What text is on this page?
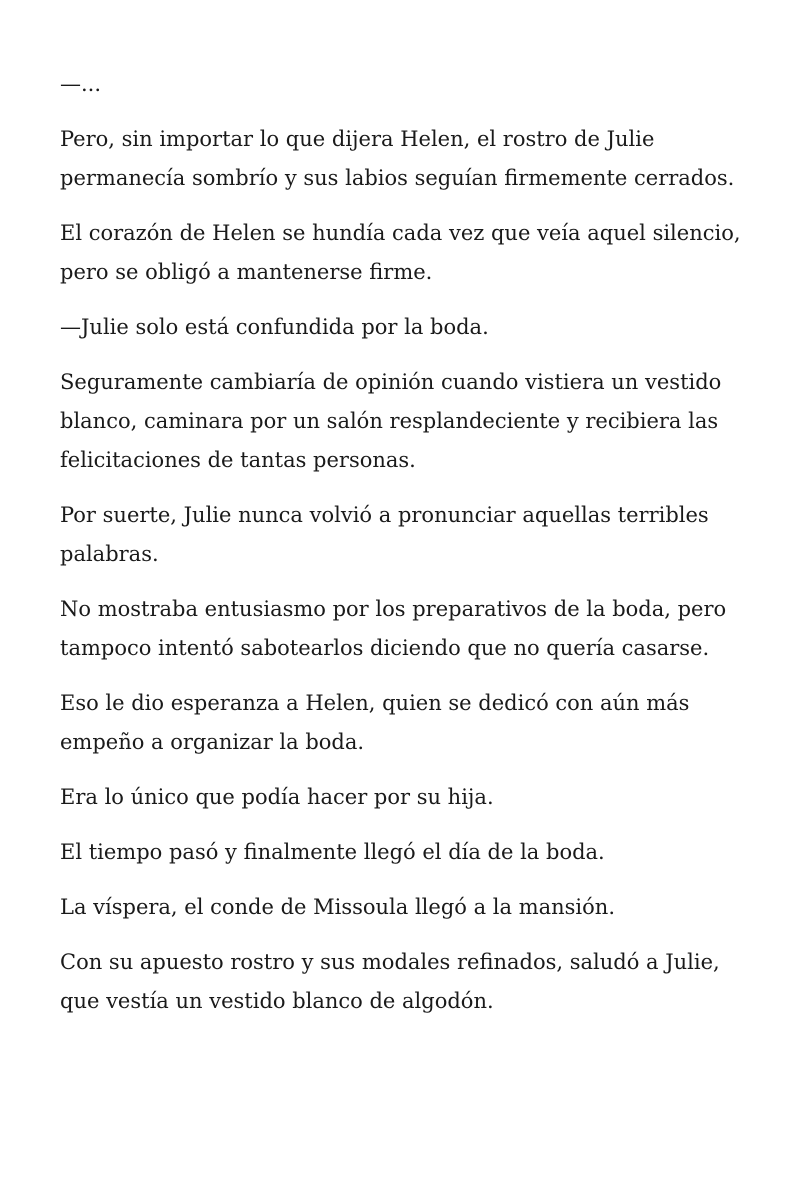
—...

Pero, sin importar lo que dijera Helen, el rostro de Julie permanecía sombrío y sus labios seguían firmemente cerrados.

El corazón de Helen se hundía cada vez que veía aquel silencio, pero se obligó a mantenerse firme.

—Julie solo está confundida por la boda.

Seguramente cambiaría de opinión cuando vistiera un vestido blanco, caminara por un salón resplandeciente y recibiera las felicitaciones de tantas personas.

Por suerte, Julie nunca volvió a pronunciar aquellas terribles palabras.

No mostraba entusiasmo por los preparativos de la boda, pero tampoco intentó sabotearlos diciendo que no quería casarse.

Eso le dio esperanza a Helen, quien se dedicó con aún más empeño a organizar la boda.

Era lo único que podía hacer por su hija.

El tiempo pasó y finalmente llegó el día de la boda.

La víspera, el conde de Missoula llegó a la mansión.

Con su apuesto rostro y sus modales refinados, saludó a Julie, que vestía un vestido blanco de algodón.
